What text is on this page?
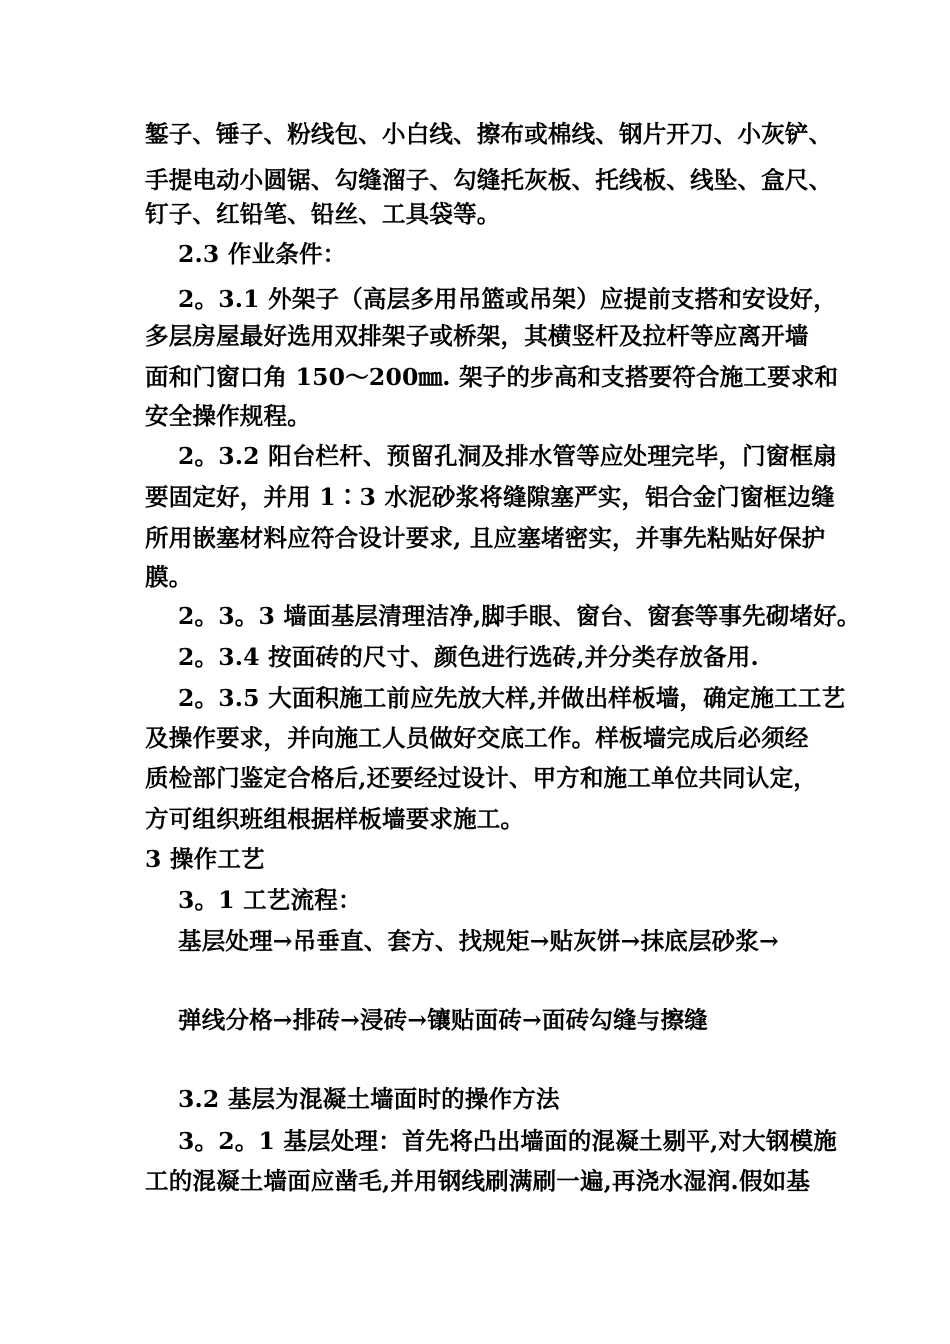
錾子、锤子、粉线包、小白线、擦布或棉线、钢片开刀、小灰铲、
手提电动小圆锯、勾缝溜子、勾缝托灰板、托线板、线坠、盒尺、
钉子、红铅笔、铅丝、工具袋等。
2.3 作业条件：
2。3.1 外架子（高层多用吊篮或吊架）应提前支搭和安设好，
多层房屋最好选用双排架子或桥架，其横竖杆及拉杆等应离开墙
面和门窗口角 150～200㎜. 架子的步高和支搭要符合施工要求和
安全操作规程。
2。3.2 阳台栏杆、预留孔洞及排水管等应处理完毕，门窗框扇
要固定好，并用 1∶3 水泥砂浆将缝隙塞严实，铝合金门窗框边缝
所用嵌塞材料应符合设计要求, 且应塞堵密实，并事先粘贴好保护
膜。
2。3。3 墙面基层清理洁净,脚手眼、窗台、窗套等事先砌堵好。
2。3.4 按面砖的尺寸、颜色进行选砖,并分类存放备用.
2。3.5 大面积施工前应先放大样,并做出样板墙，确定施工工艺
及操作要求，并向施工人员做好交底工作。样板墙完成后必须经
质检部门鉴定合格后,还要经过设计、甲方和施工单位共同认定，
方可组织班组根据样板墙要求施工。
3 操作工艺
3。1 工艺流程：
基层处理→吊垂直、套方、找规矩→贴灰饼→抹底层砂浆→
弹线分格→排砖→浸砖→镶贴面砖→面砖勾缝与擦缝
3.2 基层为混凝土墙面时的操作方法
3。2。1 基层处理：首先将凸出墙面的混凝土剔平,对大钢模施
工的混凝土墙面应凿毛,并用钢线刷满刷一遍,再浇水湿润.假如基
